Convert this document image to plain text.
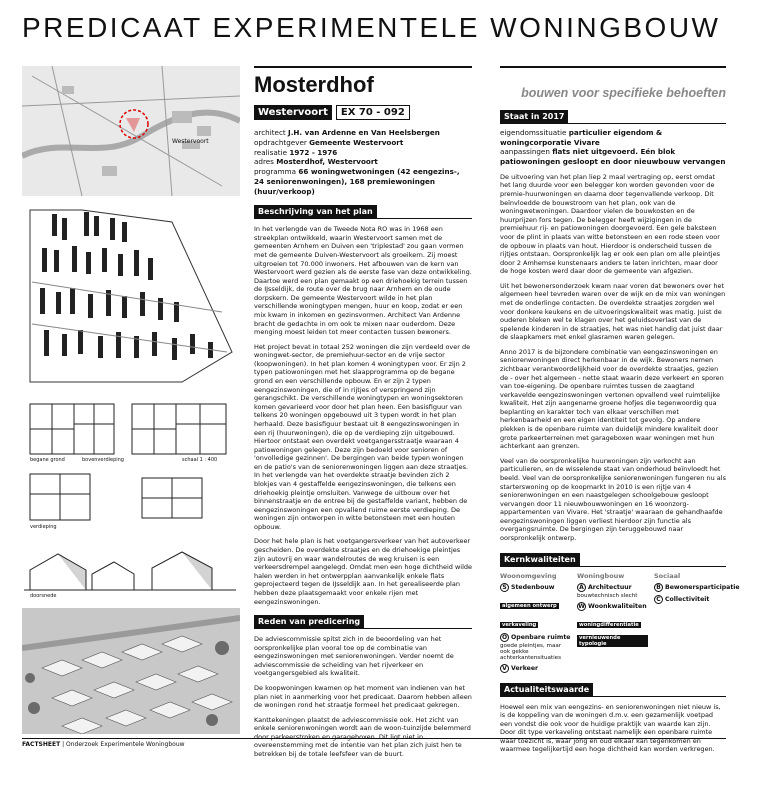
PREDICAAT EXPERIMENTELE WONINGBOUW
Westervoort
begane grond	bovenverdieping	schaal 1 : 400
verdieping
doorsnede
Mosterdhof
Westervoort	EX 70 - 092
architect J.H. van Ardenne en Van Heelsbergen
opdrachtgever Gemeente Westervoort
realisatie 1972 - 1976
adres Mosterdhof, Westervoort
programma 66 woningwetwoningen (42 eengezins-, 24 seniorenwoningen), 168 premiewoningen (huur/verkoop)
Beschrijving van het plan

In het verlengde van de Tweede Nota RO was in 1968 een streekplan ontwikkeld, waarin Westervoort samen met de gemeenten Arnhem en Duiven een 'triplestad' zou gaan vormen met de gemeente Duiven-Westervoort als groeikern. Zij moest uitgroeien tot 70.000 inwoners. Het afbouwen van de kern van Westervoort werd gezien als de eerste fase van deze ontwikkeling. Daartoe werd een plan gemaakt op een driehoekig terrein tussen de IJsseldijk, de route over de brug naar Arnhem en de oude dorpskern. De gemeente Westervoort wilde in het plan verschillende woningtypen mengen, huur en koop, zodat er een mix kwam in inkomen en gezinsvormen. Architect Van Ardenne bracht de gedachte in om ook te mixen naar ouderdom. Deze menging moest leiden tot meer contacten tussen bewoners.

Het project bevat in totaal 252 woningen die zijn verdeeld over de woningwet-sector, de premiehuur-sector en de vrije sector (koopwoningen). In het plan komen 4 woningtypen voor. Er zijn 2 typen patiowoningen met het slaapprogramma op de begane grond en een verschillende opbouw. En er zijn 2 typen eengezinswoningen, die of in rijtjes of verspringend zijn gerangschikt. De verschillende woningtypen en woningsektoren komen gevarieerd voor door het plan heen. Een basisfiguur van telkens 20 woningen opgebouwd uit 3 typen wordt in het plan herhaald. Deze basisfiguur bestaat uit 8 eengezinswoningen in een rij (huurwoningen), die op de verdieping zijn uitgebouwd. Hiertoor ontstaat een overdekt voetgangersstraatje waaraan 4 patiowoningen gelegen. Deze zijn bedoeld voor senioren of 'onvolledige gezinnen'. De bergingen van beide typen woningen en de patio's van de seniorenwoningen liggen aan deze straatjes. In het verlengde van het overdekte straatje bevinden zich 2 blokjes van 4 gestaffelde eengezinswoningen, die telkens een driehoekig pleintje omsluiten. Vanwege de uitbouw over het binnenstraatje en de entree bij de gestaffelde variant, hebben de eengezinswoningen een opvallend ruime eerste verdieping. De woningen zijn ontworpen in witte betonsteen met een houten opbouw.

Door het hele plan is het voetgangersverkeer van het autoverkeer gescheiden. De overdekte straatjes en de driehoekige pleintjes zijn autovrij en waar wandelroutes de weg kruisen is een verkeersdrempel aangelegd. Omdat men een hoge dichtheid wilde halen werden in het ontwerpplan aanvankelijk enkele flats geprojecteerd tegen de IJsseldijk aan. In het gerealiseerde plan hebben deze plaatsgemaakt voor enkele rijen met eengezinswoningen.

Reden van predicering

De adviescommissie spitst zich in de beoordeling van het oorspronkelijke plan vooral toe op de combinatie van eengezinswoningen met seniorenwoningen. Verder noemt de adviescommissie de scheiding van het rijverkeer en voetgangersgebied als kwaliteit.

De koopwoningen kwamen op het moment van indienen van het plan niet in aanmerking voor het predicaat. Daarom hebben alleen de woningen rond het straatje formeel het predicaat gekregen.

Kanttekeningen plaatst de adviescommissie ook. Het zicht van enkele seniorenwoningen wordt aan de woon-tuinzijde belemmerd door parkeerstroken en garageboxen. Dit ligt niet in overeenstemming met de intentie van het plan zich juist hen te betrekken bij de totale leefsfeer van de buurt.

bouwen voor specifieke behoeften
Staat in 2017
eigendomssituatie particulier eigendom & woningcorporatie Vivare
aanpassingen flats niet uitgevoerd. Eén blok patiowoningen gesloopt en door nieuwbouw vervangen

De uitvoering van het plan liep 2 maal vertraging op, eerst omdat het lang duurde voor een belegger kon worden gevonden voor de premie-huurwoningen en daarna door tegenvallende verkoop. Dit beïnvloedde de bouwstroom van het plan, ook van de woningwetwoningen. Daardoor vielen de bouwkosten en de huurprijzen fors tegen. De belegger heeft wijzigingen in de premiehuur rij- en patiowoningen doorgevoerd. Een gele baksteen voor de plint in plaats van witte betonsteen en een rode steen voor de opbouw in plaats van hout. Hierdoor is onderscheid tussen de rijtjes ontstaan. Oorspronkelijk lag er ook een plan om alle pleintjes door 2 Amhemse kunstenaars anders te laten inrichten, maar door de hoge kosten werd daar door de gemeente van afgezien.

Uit het bewonersonderzoek kwam naar voren dat bewoners over het algemeen heel tevreden waren over de wijk en de mix van woningen met de onderlinge contacten. De overdekte straatjes zorgden wel voor donkere keukens en de uitvoeringskwaliteit was matig. Juist de ouderen bleken wel te klagen over het geluidsoverlast van de spelende kinderen in de straatjes, het was niet handig dat juist daar de slaapkamers met enkel glasramen waren gelegen.

Anno 2017 is de bijzondere combinatie van eengezinswoningen en seniorenwoningen direct herkenbaar in de wijk. Bewoners nemen zichtbaar verantwoordelijkheid voor de overdekte straatjes, gezien de - over het algemeen - nette staat waarin deze verkeert en sporen van toe-eigening. De openbare ruimtes tussen de zaagtand verkavelde eengezinswoningen vertonen opvallend veel ruimtelijke kwaliteit. Het zijn aangename groene hofjes die tegenwoordig qua beplanting en karakter toch van elkaar verschillen met herkenbaarheid en een eigen identiteit tot gevolg. Op andere plekken is de openbare ruimte van duidelijk mindere kwaliteit door grote parkeerterreinen met garageboxen waar woningen met hun achterkant aan grenzen.

Veel van de oorspronkelijke huurwoningen zijn verkocht aan particulieren, en de wisselende staat van onderhoud beïnvloedt het beeld. Veel van de oorspronkelijke seniorenwoningen fungeren nu als starterswoning op de koopmarkt In 2010 is een rijtje van 4 seniorenwoningen en een naastgelegen schoolgebouw gesloopt vervangen door 11 nieuwbouwwoningen en 16 woonzorg-appartementen van Vivare. Het 'straatje' waaraan de gehandhaafde eengezinswoningen liggen verliest hierdoor zijn functie als overgangsruimte. De bergingen zijn teruggebouwd naar oorspronkelijk ontwerp.

Kernkwaliteiten
Woonomgeving
S Stedenbouw
algemeen ontwerp
verkaveling
O Openbare ruimte
goede pleintjes, maar ook gekke achterkantensituaties
V Verkeer
Woningbouw
A Architectuur
bouwtechnisch slecht
W Woonkwaliteiten
woningdifferentiatie
vernieuwende typologie
Sociaal
B Bewonersparticipatie
C Collectiviteit
Actualiteitswaarde

Hoewel een mix van eengezins- en seniorenwoningen niet nieuw is, is de koppeling van de woningen d.m.v. een gezamenlijk voetpad een vondst die ook voor de huidige praktijk van waarde kan zijn. Door dit type verkaveling ontstaat namelijk een openbare ruimte waar toezicht is, waar jong en oud elkaar kan tegenkomen en waarmee tegelijkertijd een hoge dichtheid kan worden verkregen.

FACTSHEET | Onderzoek Experimentele Woningbouw
